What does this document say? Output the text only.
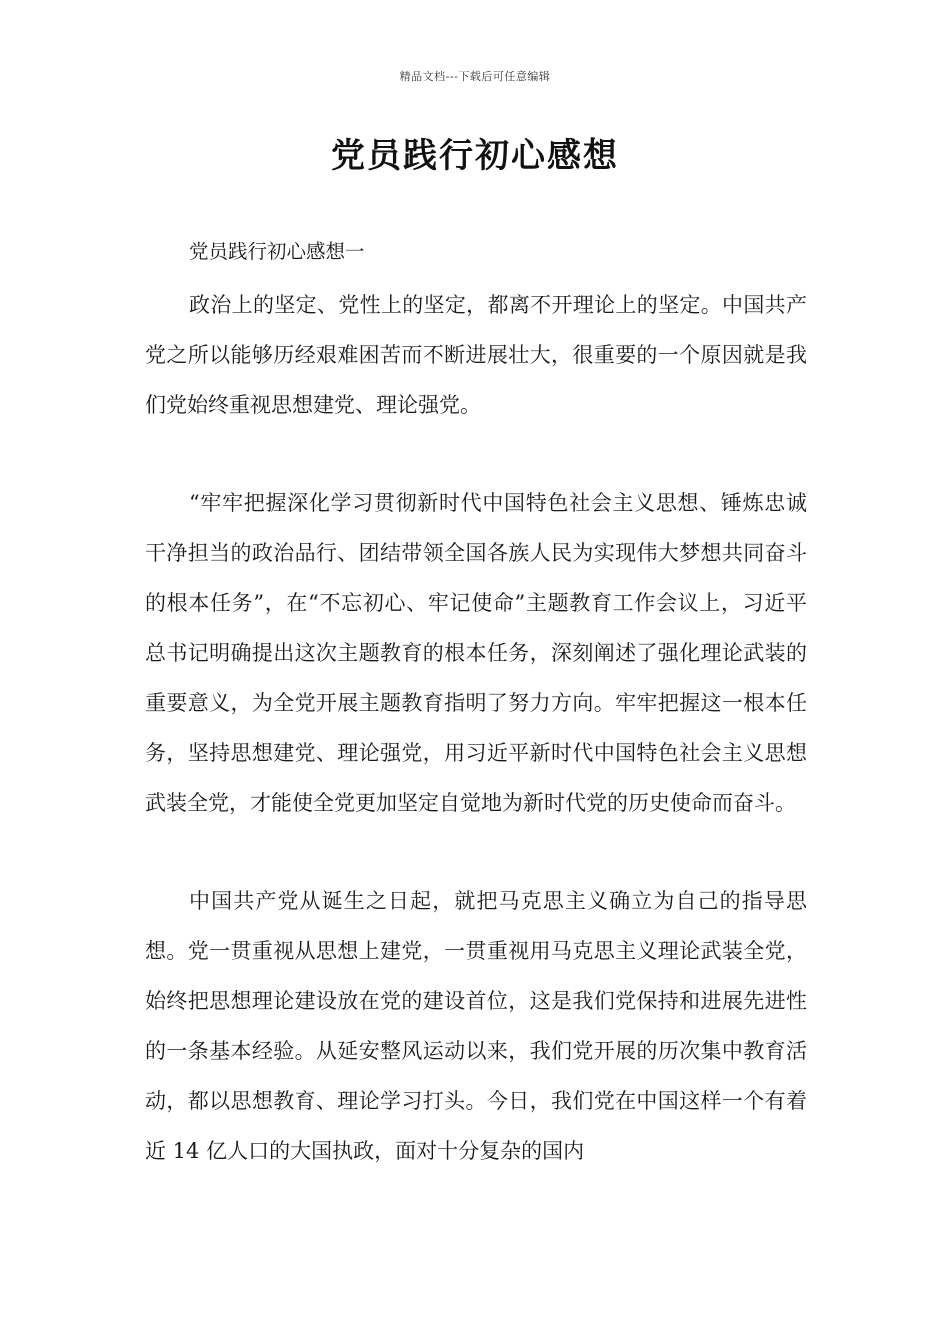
精品文档---下载后可任意编辑
党员践行初心感想

党员践行初心感想一

政治上的坚定、党性上的坚定，都离不开理论上的坚定。中国共产党之所以能够历经艰难困苦而不断进展壮大，很重要的一个原因就是我们党始终重视思想建党、理论强党。

“牢牢把握深化学习贯彻新时代中国特色社会主义思想、锤炼忠诚干净担当的政治品行、团结带领全国各族人民为实现伟大梦想共同奋斗的根本任务”，在“不忘初心、牢记使命”主题教育工作会议上，习近平总书记明确提出这次主题教育的根本任务，深刻阐述了强化理论武装的重要意义，为全党开展主题教育指明了努力方向。牢牢把握这一根本任务，坚持思想建党、理论强党，用习近平新时代中国特色社会主义思想武装全党，才能使全党更加坚定自觉地为新时代党的历史使命而奋斗。

中国共产党从诞生之日起，就把马克思主义确立为自己的指导思想。党一贯重视从思想上建党，一贯重视用马克思主义理论武装全党，始终把思想理论建设放在党的建设首位，这是我们党保持和进展先进性的一条基本经验。从延安整风运动以来，我们党开展的历次集中教育活动，都以思想教育、理论学习打头。今日，我们党在中国这样一个有着近 14 亿人口的大国执政，面对十分复杂的国内
